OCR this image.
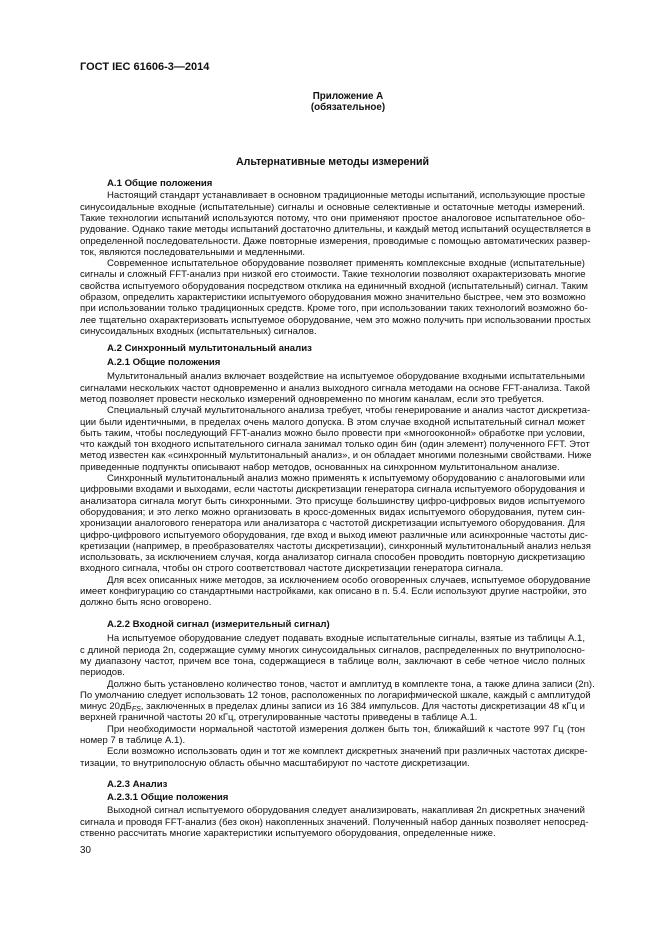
ГОСТ IEC 61606-3—2014
Приложение А
(обязательное)
Альтернативные методы измерений
А.1 Общие положения
Настоящий стандарт устанавливает в основном традиционные методы испытаний, использующие простые
синусоидальные входные (испытательные) сигналы и основные селективные и остаточные методы измерений.
Такие технологии испытаний используются потому, что они применяют простое аналоговое испытательное обо-
рудование. Однако такие методы испытаний достаточно длительны, и каждый метод испытаний осуществляется в
определенной последовательности. Даже повторные измерения, проводимые с помощью автоматических развер-
ток, являются последовательными и медленными.
Современное испытательное оборудование позволяет применять комплексные входные (испытательные)
сигналы и сложный FFT-анализ при низкой его стоимости. Такие технологии позволяют охарактеризовать многие
свойства испытуемого оборудования посредством отклика на единичный входной (испытательный) сигнал. Таким
образом, определить характеристики испытуемого оборудования можно значительно быстрее, чем это возможно
при использовании только традиционных средств. Кроме того, при использовании таких технологий возможно бо-
лее тщательно охарактеризовать испытуемое оборудование, чем это можно получить при использовании простых
синусоидальных входных (испытательных) сигналов.
А.2 Синхронный мультитональный анализ
А.2.1 Общие положения
Мультитональный анализ включает воздействие на испытуемое оборудование входными испытательными
сигналами нескольких частот одновременно и анализ выходного сигнала методами на основе FFT-анализа. Такой
метод позволяет провести несколько измерений одновременно по многим каналам, если это требуется.
Специальный случай мультитонального анализа требует, чтобы генерирование и анализ частот дискретиза-
ции были идентичными, в пределах очень малого допуска. В этом случае входной испытательный сигнал может
быть таким, чтобы последующий FFT-анализ можно было провести при «многооконной» обработке при условии,
что каждый тон входного испытательного сигнала занимал только один бин (один элемент) полученного FFT. Этот
метод известен как «синхронный мультитональный анализ», и он обладает многими полезными свойствами. Ниже
приведенные подпункты описывают набор методов, основанных на синхронном мультитональном анализе.
Синхронный мультитональный анализ можно применять к испытуемому оборудованию с аналоговыми или
цифровыми входами и выходами, если частоты дискретизации генератора сигнала испытуемого оборудования и
анализатора сигнала могут быть синхронными. Это присуще большинству цифро-цифровых видов испытуемого
оборудования; и это легко можно организовать в кросс-доменных видах испытуемого оборудования, путем син-
хронизации аналогового генератора или анализатора с частотой дискретизации испытуемого оборудования. Для
цифро-цифрового испытуемого оборудования, где вход и выход имеют различные или асинхронные частоты дис-
кретизации (например, в преобразователях частоты дискретизации), синхронный мультитональный анализ нельзя
использовать, за исключением случая, когда анализатор сигнала способен проводить повторную дискретизацию
входного сигнала, чтобы он строго соответствовал частоте дискретизации генератора сигнала.
Для всех описанных ниже методов, за исключением особо оговоренных случаев, испытуемое оборудование
имеет конфигурацию со стандартными настройками, как описано в п. 5.4. Если используют другие настройки, это
должно быть ясно оговорено.
А.2.2 Входной сигнал (измерительный сигнал)
На испытуемое оборудование следует подавать входные испытательные сигналы, взятые из таблицы А.1,
с длиной периода 2n, содержащие сумму многих синусоидальных сигналов, распределенных по внутриполосно-
му диапазону частот, причем все тона, содержащиеся в таблице волн, заключают в себе четное число полных
периодов.
Должно быть установлено количество тонов, частот и амплитуд в комплекте тона, а также длина записи (2n).
По умолчанию следует использовать 12 тонов, расположенных по логарифмической шкале, каждый с амплитудой
минус $20дБ_{FS}$, заключенных в пределах длины записи из 16 384 импульсов. Для частоты дискретизации 48 кГц и
верхней граничной частоты 20 кГц, отрегулированные частоты приведены в таблице А.1.
При необходимости нормальной частотой измерения должен быть тон, ближайший к частоте 997 Гц (тон
номер 7 в таблице А.1).
Если возможно использовать один и тот же комплект дискретных значений при различных частотах дискре-
тизации, то внутриполосную область обычно масштабируют по частоте дискретизации.
А.2.3 Анализ
А.2.3.1 Общие положения
Выходной сигнал испытуемого оборудования следует анализировать, накапливая 2n дискретных значений
сигнала и проводя FFT-анализ (без окон) накопленных значений. Полученный набор данных позволяет непосред-
ственно рассчитать многие характеристики испытуемого оборудования, определенные ниже.
30
